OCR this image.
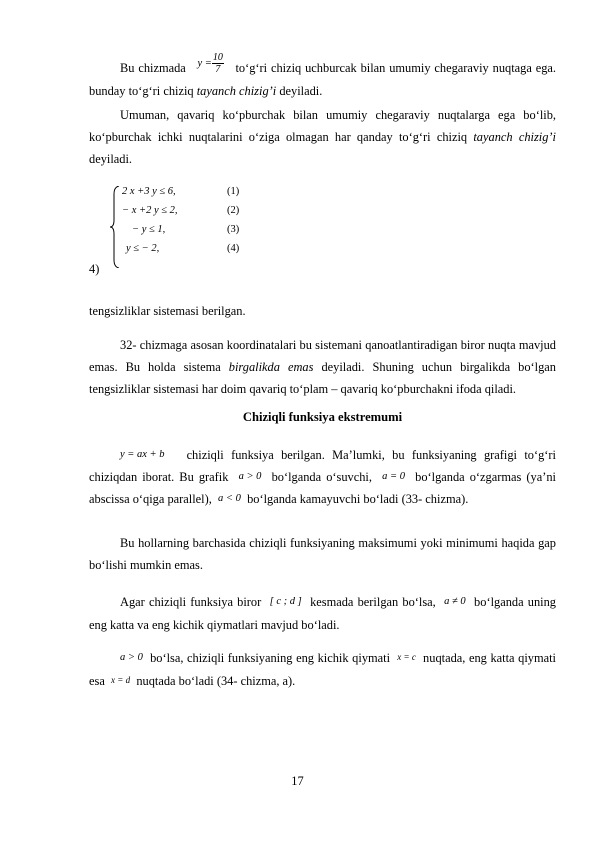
Bu chizmada $y = \frac{10}{7}$ to‘g‘ri chiziq uchburcak bilan umumiy chegaraviy nuqtaga ega. bunday to‘g‘ri chiziq tayanch chizig’i deyiladi.

Umuman, qavariq ko‘pburchak bilan umumiy chegaraviy nuqtalarga ega bo‘lib, ko‘pburchak ichki nuqtalarini o‘ziga olmagan har qanday to‘g‘ri chiziq tayanch chizig’i deyiladi.

4)
2 x +3 y ≤ 6,	(1)
− x +2 y ≤ 2,	(2)
− y ≤ 1,	(3)
y ≤ − 2,	(4)

tengsizliklar sistemasi berilgan.

32- chizmaga asosan koordinatalari bu sistemani qanoatlantiradigan biror nuqta mavjud emas. Bu holda sistema birgalikda emas deyiladi. Shuning uchun birgalikda bo‘lgan tengsizliklar sistemasi har doim qavariq to‘plam – qavariq ko‘pburchakni ifoda qiladi.

Chiziqli funksiya ekstremumi

y = ax + b chiziqli funksiya berilgan. Ma’lumki, bu funksiyaning grafigi to‘g‘ri chiziqdan iborat. Bu grafik a > 0 bo‘lganda o‘suvchi, a = 0 bo‘lganda o‘zgarmas (ya’ni abscissa o‘qiga parallel), a < 0 bo‘lganda kamayuvchi bo‘ladi (33- chizma).

Bu hollarning barchasida chiziqli funksiyaning maksimumi yoki minimumi haqida gap bo‘lishi mumkin emas.

Agar chiziqli funksiya biror [ c ; d ] kesmada berilgan bo‘lsa, a ≠ 0 bo‘lganda uning eng katta va eng kichik qiymatlari mavjud bo‘ladi.

a > 0 bo‘lsa, chiziqli funksiyaning eng kichik qiymati x = c nuqtada, eng katta qiymati esa x = d nuqtada bo‘ladi (34- chizma, a).

17
